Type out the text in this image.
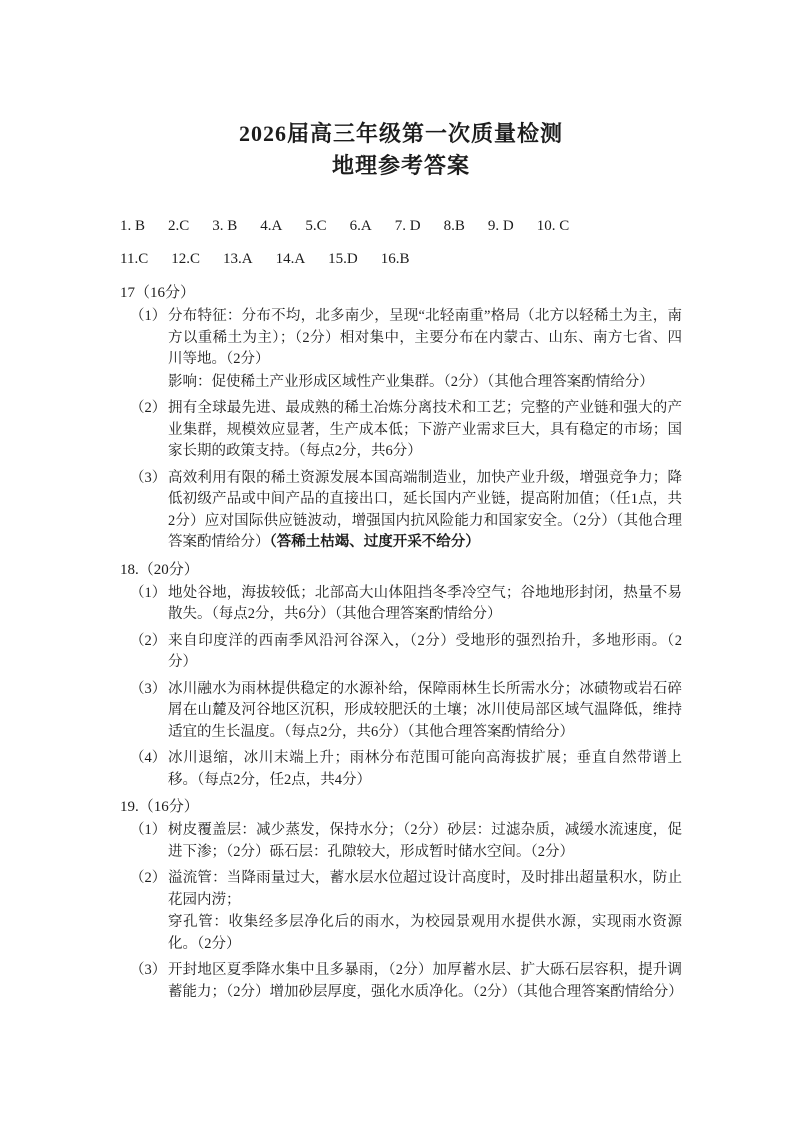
2026届高三年级第一次质量检测
地理参考答案
1. B 2.C 3. B 4.A 5.C 6.A 7. D 8.B 9. D 10. C
11.C 12.C 13.A 14.A 15.D 16.B
17（16分）
（1） 分布特征：分布不均，北多南少，呈现“北轻南重”格局（北方以轻稀土为主，南方以重稀土为主）；（2分）相对集中，主要分布在内蒙古、山东、南方七省、四川等地。（2分）

影响：促使稀土产业形成区域性产业集群。（2分）（其他合理答案酌情给分）

（2） 拥有全球最先进、最成熟的稀土冶炼分离技术和工艺；完整的产业链和强大的产业集群，规模效应显著，生产成本低；下游产业需求巨大，具有稳定的市场；国家长期的政策支持。（每点2分，共6分）

（3） 高效利用有限的稀土资源发展本国高端制造业，加快产业升级，增强竞争力；降低初级产品或中间产品的直接出口，延长国内产业链，提高附加值；（任1点，共2分）应对国际供应链波动，增强国内抗风险能力和国家安全。（2分）（其他合理答案酌情给分）（答稀土枯竭、过度开采不给分）

18.（20分）
（1） 地处谷地，海拔较低；北部高大山体阻挡冬季冷空气；谷地地形封闭，热量不易散失。（每点2分，共6分）（其他合理答案酌情给分）

（2） 来自印度洋的西南季风沿河谷深入，（2分）受地形的强烈抬升，多地形雨。（2分）

（3） 冰川融水为雨林提供稳定的水源补给，保障雨林生长所需水分；冰碛物或岩石碎屑在山麓及河谷地区沉积，形成较肥沃的土壤；冰川使局部区域气温降低，维持适宜的生长温度。（每点2分，共6分）（其他合理答案酌情给分）

（4） 冰川退缩，冰川末端上升；雨林分布范围可能向高海拔扩展；垂直自然带谱上移。（每点2分，任2点，共4分）

19.（16分）
（1） 树皮覆盖层：减少蒸发，保持水分；（2分）砂层：过滤杂质，减缓水流速度，促进下渗；（2分）砾石层：孔隙较大，形成暂时储水空间。（2分）

（2） 溢流管：当降雨量过大，蓄水层水位超过设计高度时，及时排出超量积水，防止花园内涝；

穿孔管：收集经多层净化后的雨水，为校园景观用水提供水源，实现雨水资源化。（2分）

（3） 开封地区夏季降水集中且多暴雨，（2分）加厚蓄水层、扩大砾石层容积，提升调蓄能力；（2分）增加砂层厚度，强化水质净化。（2分）（其他合理答案酌情给分）
